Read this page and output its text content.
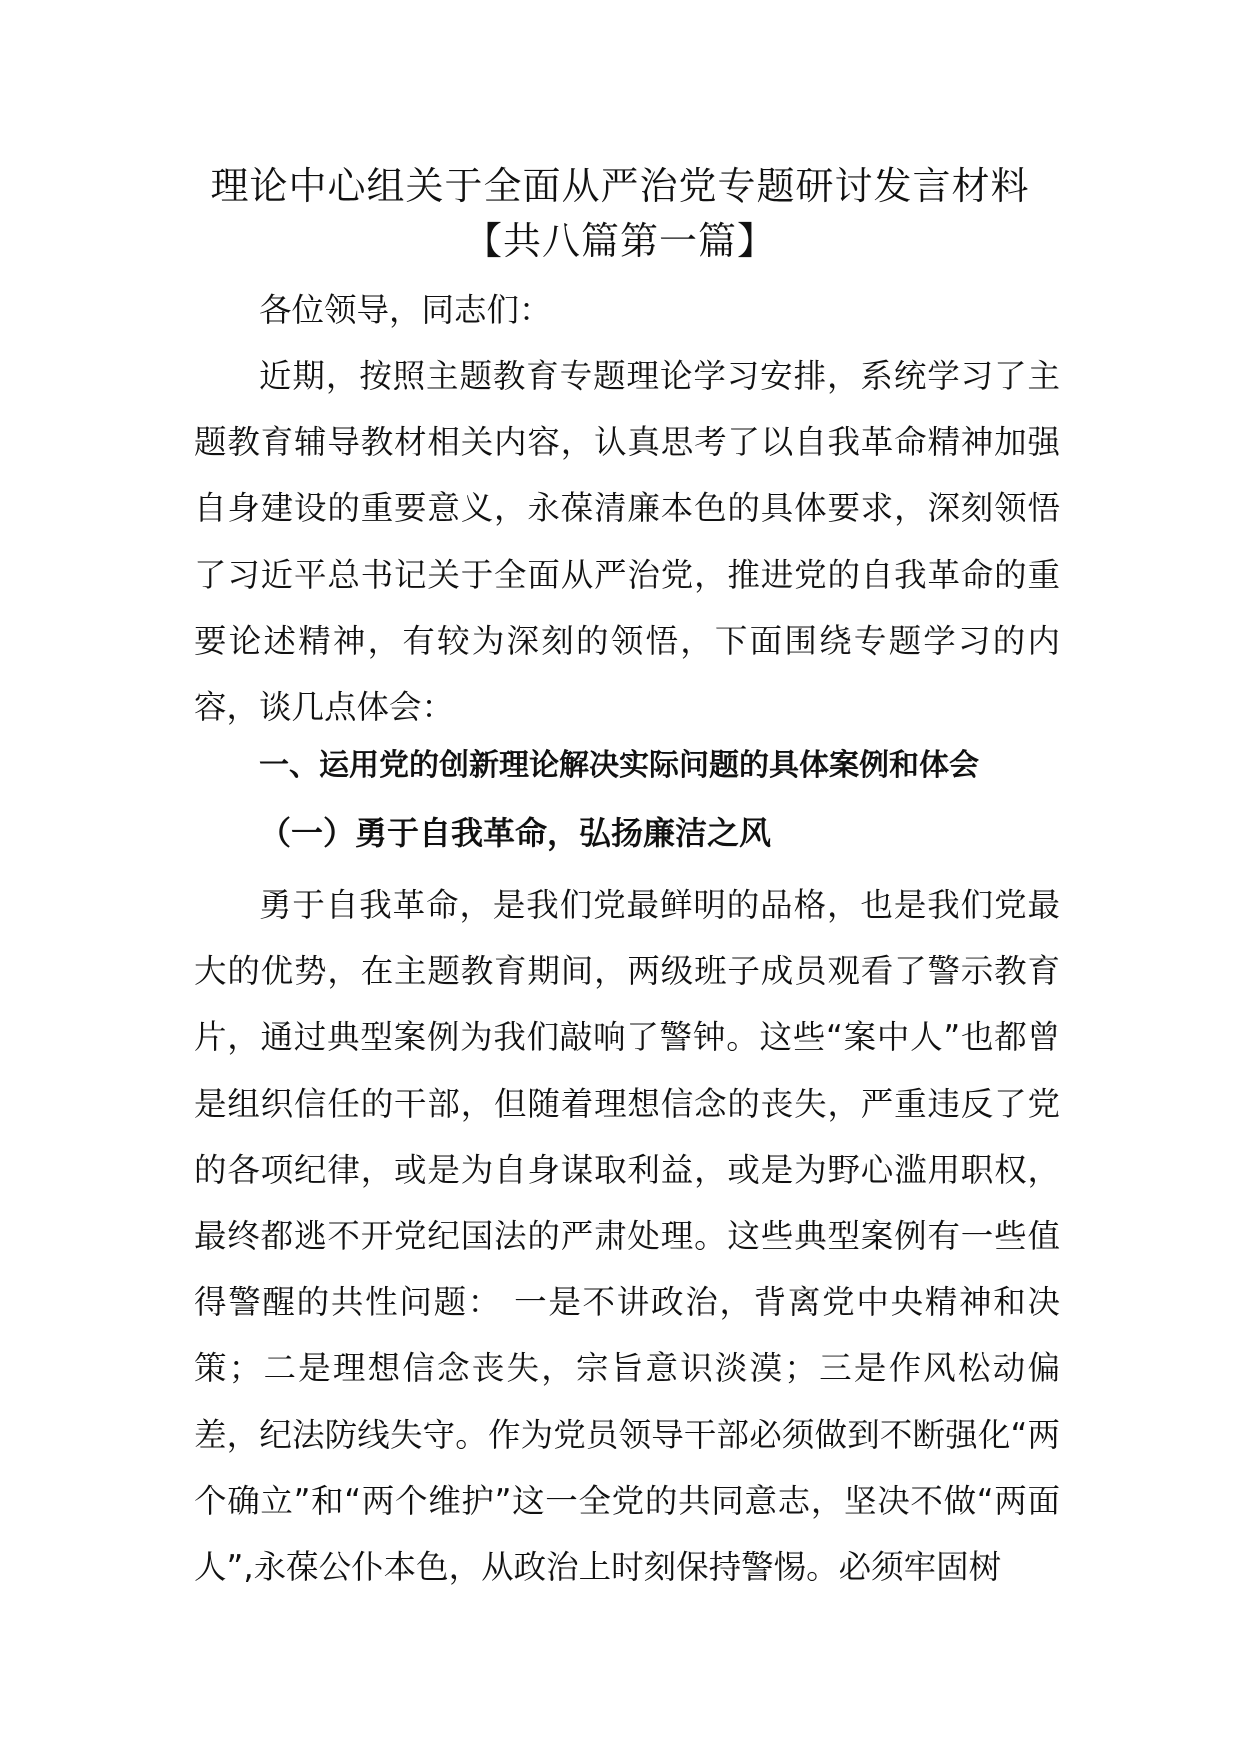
理论中心组关于全面从严治党专题研讨发言材料
【共八篇第一篇】

各位领导，同志们：

近期，按照主题教育专题理论学习安排，系统学习了主题教育辅导教材相关内容，认真思考了以自我革命精神加强自身建设的重要意义，永葆清廉本色的具体要求，深刻领悟了习近平总书记关于全面从严治党，推进党的自我革命的重要论述精神，有较为深刻的领悟，下面围绕专题学习的内容，谈几点体会：

一、运用党的创新理论解决实际问题的具体案例和体会

（一）勇于自我革命，弘扬廉洁之风

勇于自我革命，是我们党最鲜明的品格，也是我们党最大的优势，在主题教育期间，两级班子成员观看了警示教育片，通过典型案例为我们敲响了警钟。这些“案中人”也都曾是组织信任的干部，但随着理想信念的丧失，严重违反了党的各项纪律，或是为自身谋取利益，或是为野心滥用职权，最终都逃不开党纪国法的严肃处理。这些典型案例有一些值得警醒的共性问题： 一是不讲政治，背离党中央精神和决策；二是理想信念丧失，宗旨意识淡漠；三是作风松动偏差，纪法防线失守。作为党员领导干部必须做到不断强化“两个确立”和“两个维护”这一全党的共同意志，坚决不做“两面人”,永葆公仆本色，从政治上时刻保持警惕。必须牢固树
